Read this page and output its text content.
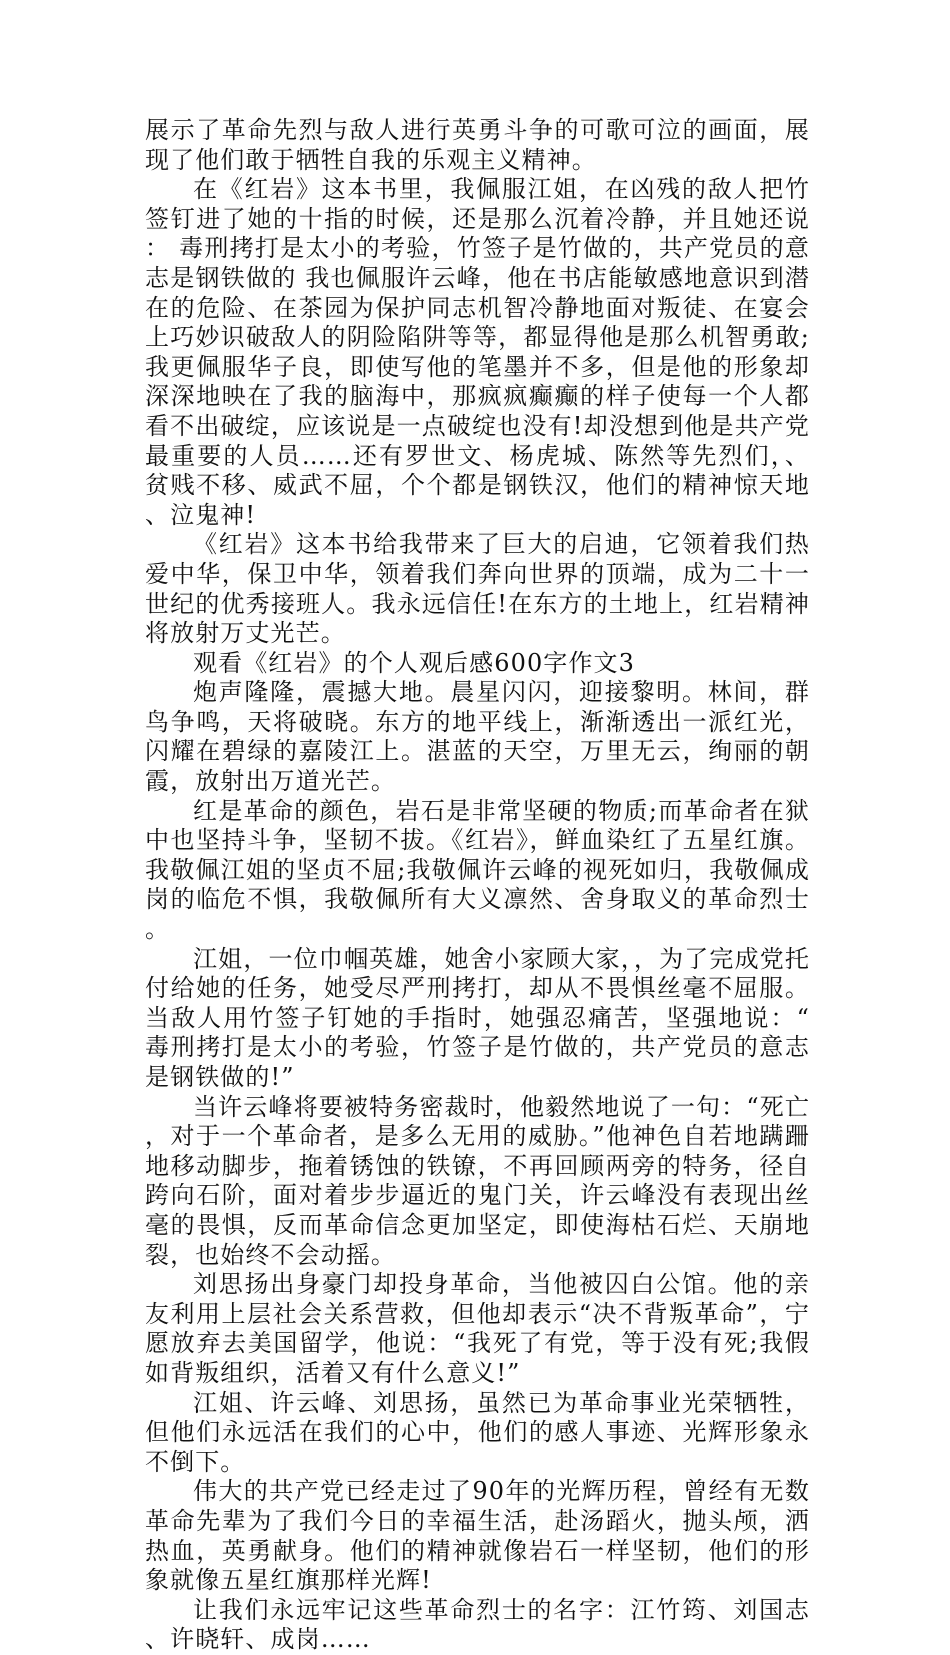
展示了革命先烈与敌人进行英勇斗争的可歌可泣的画面，展现了他们敢于牺牲自我的乐观主义精神。

在《红岩》这本书里，我佩服江姐，在凶残的敌人把竹签钉进了她的十指的时候，还是那么沉着冷静，并且她还说： 毒刑拷打是太小的考验，竹签子是竹做的，共产党员的意志是钢铁做的 我也佩服许云峰，他在书店能敏感地意识到潜在的危险、在茶园为保护同志机智冷静地面对叛徒、在宴会上巧妙识破敌人的阴险陷阱等等，都显得他是那么机智勇敢;我更佩服华子良，即使写他的笔墨并不多，但是他的形象却深深地映在了我的脑海中，那疯疯癫癫的样子使每一个人都看不出破绽，应该说是一点破绽也没有!却没想到他是共产党最重要的人员……还有罗世文、杨虎城、陈然等先烈们，、贫贱不移、威武不屈，个个都是钢铁汉，他们的精神惊天地、泣鬼神!

《红岩》这本书给我带来了巨大的启迪，它领着我们热爱中华，保卫中华，领着我们奔向世界的顶端，成为二十一世纪的优秀接班人。我永远信任!在东方的土地上，红岩精神将放射万丈光芒。

观看《红岩》的个人观后感600字作文3

炮声隆隆，震撼大地。晨星闪闪，迎接黎明。林间，群鸟争鸣，天将破晓。东方的地平线上，渐渐透出一派红光，闪耀在碧绿的嘉陵江上。湛蓝的天空，万里无云，绚丽的朝霞，放射出万道光芒。

红是革命的颜色，岩石是非常坚硬的物质;而革命者在狱中也坚持斗争，坚韧不拔。《红岩》，鲜血染红了五星红旗。我敬佩江姐的坚贞不屈;我敬佩许云峰的视死如归，我敬佩成岗的临危不惧，我敬佩所有大义凛然、舍身取义的革命烈士。

江姐，一位巾帼英雄，她舍小家顾大家，，为了完成党托付给她的任务，她受尽严刑拷打，却从不畏惧丝毫不屈服。当敌人用竹签子钉她的手指时，她强忍痛苦，坚强地说：“毒刑拷打是太小的考验，竹签子是竹做的，共产党员的意志是钢铁做的!”

当许云峰将要被特务密裁时，他毅然地说了一句：“死亡，对于一个革命者，是多么无用的威胁。”他神色自若地蹒跚地移动脚步，拖着锈蚀的铁镣，不再回顾两旁的特务，径自跨向石阶，面对着步步逼近的鬼门关，许云峰没有表现出丝毫的畏惧，反而革命信念更加坚定，即使海枯石烂、天崩地裂，也始终不会动摇。

刘思扬出身豪门却投身革命，当他被囚白公馆。他的亲友利用上层社会关系营救，但他却表示“决不背叛革命”，宁愿放弃去美国留学，他说：“我死了有党，等于没有死;我假如背叛组织，活着又有什么意义!”

江姐、许云峰、刘思扬，虽然已为革命事业光荣牺牲，但他们永远活在我们的心中，他们的感人事迹、光辉形象永不倒下。

伟大的共产党已经走过了90年的光辉历程，曾经有无数革命先辈为了我们今日的幸福生活，赴汤蹈火，抛头颅，洒热血，英勇献身。他们的精神就像岩石一样坚韧，他们的形象就像五星红旗那样光辉!

让我们永远牢记这些革命烈士的名字：江竹筠、刘国志、许晓轩、成岗……
